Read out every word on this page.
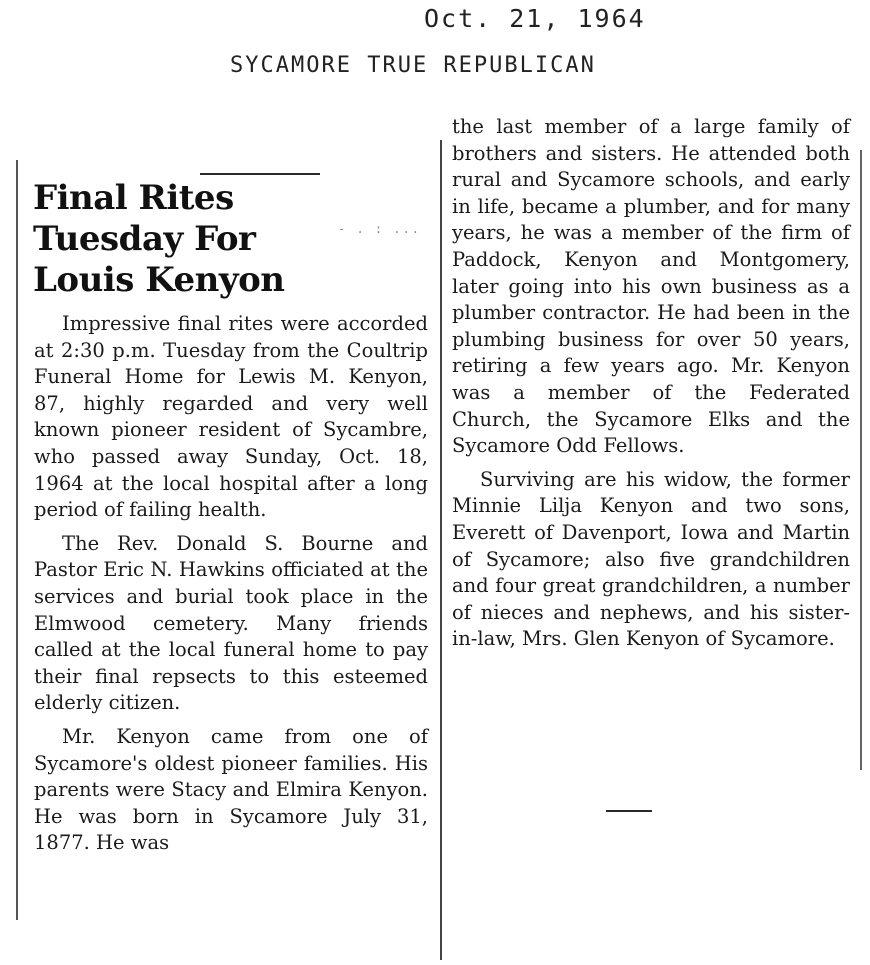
Oct. 21, 1964
SYCAMORE TRUE REPUBLICAN
- . : ...
Final Rites Tuesday For Louis Kenyon

Impressive final rites were accorded at 2:30 p.m. Tuesday from the Coultrip Funeral Home for Lewis M. Kenyon, 87, highly regarded and very well known pioneer resident of Sycambre, who passed away Sunday, Oct. 18, 1964 at the local hospital after a long period of failing health.

The Rev. Donald S. Bourne and Pastor Eric N. Hawkins officiated at the services and burial took place in the Elmwood cemetery. Many friends called at the local funeral home to pay their final repsects to this esteemed elderly citizen.

Mr. Kenyon came from one of Sycamore's oldest pioneer families. His parents were Stacy and Elmira Kenyon. He was born in Sycamore July 31, 1877. He was

the last member of a large family of brothers and sisters. He attended both rural and Sycamore schools, and early in life, became a plumber, and for many years, he was a member of the firm of Paddock, Kenyon and Montgomery, later going into his own business as a plumber contractor. He had been in the plumbing business for over 50 years, retiring a few years ago. Mr. Kenyon was a member of the Federated Church, the Sycamore Elks and the Sycamore Odd Fellows.

Surviving are his widow, the former Minnie Lilja Kenyon and two sons, Everett of Davenport, Iowa and Martin of Sycamore; also five grandchildren and four great grandchildren, a number of nieces and nephews, and his sister-in-law, Mrs. Glen Kenyon of Sycamore.
